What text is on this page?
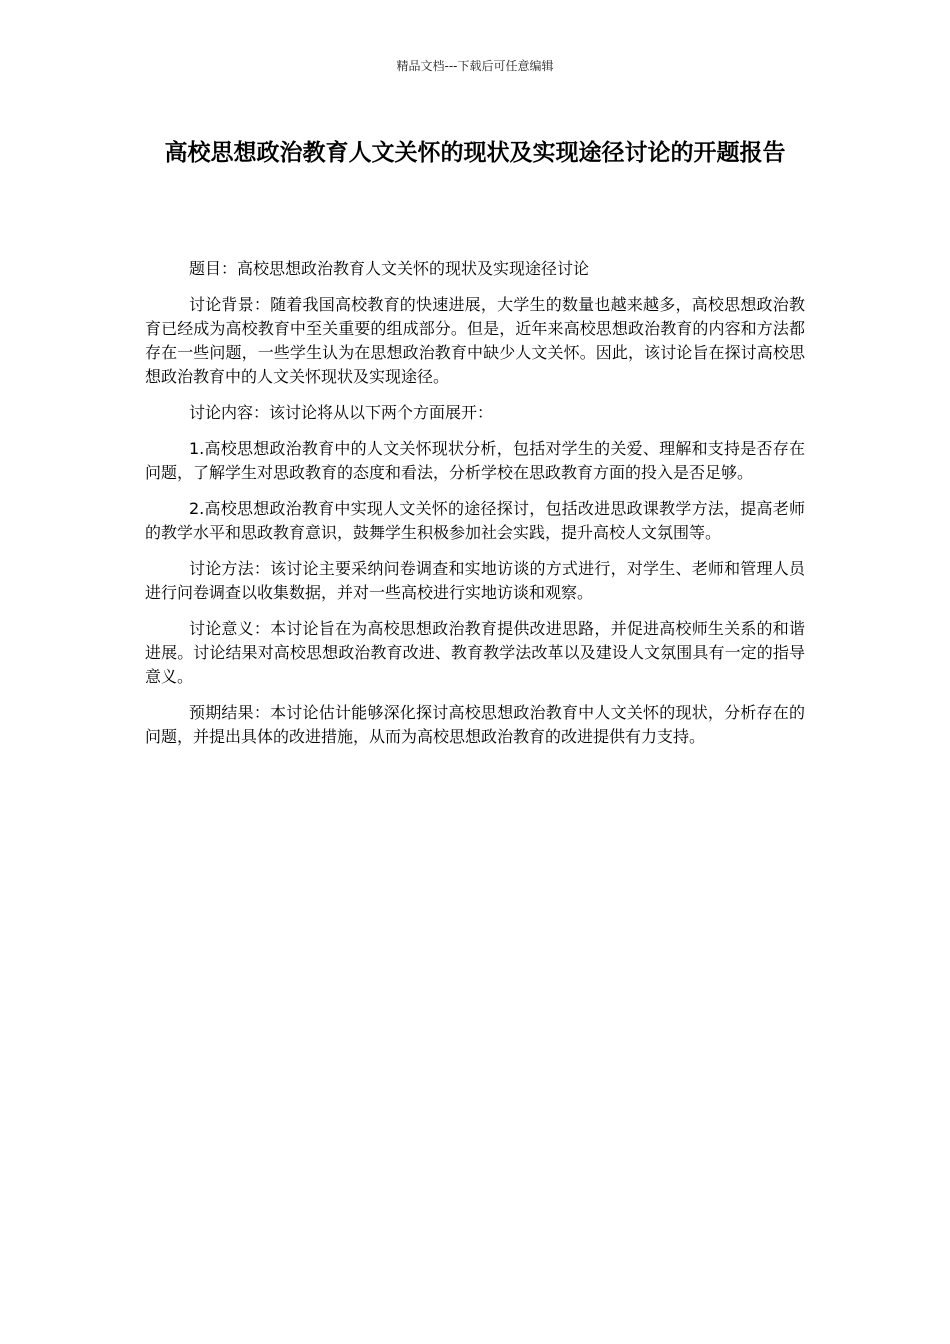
精品文档---下载后可任意编辑
高校思想政治教育人文关怀的现状及实现途径讨论的开题报告

题目：高校思想政治教育人文关怀的现状及实现途径讨论

讨论背景：随着我国高校教育的快速进展，大学生的数量也越来越多，高校思想政治教育已经成为高校教育中至关重要的组成部分。但是，近年来高校思想政治教育的内容和方法都存在一些问题，一些学生认为在思想政治教育中缺少人文关怀。因此，该讨论旨在探讨高校思想政治教育中的人文关怀现状及实现途径。

讨论内容：该讨论将从以下两个方面展开：

1.高校思想政治教育中的人文关怀现状分析，包括对学生的关爱、理解和支持是否存在问题，了解学生对思政教育的态度和看法，分析学校在思政教育方面的投入是否足够。

2.高校思想政治教育中实现人文关怀的途径探讨，包括改进思政课教学方法，提高老师的教学水平和思政教育意识，鼓舞学生积极参加社会实践，提升高校人文氛围等。

讨论方法：该讨论主要采纳问卷调查和实地访谈的方式进行，对学生、老师和管理人员进行问卷调查以收集数据，并对一些高校进行实地访谈和观察。

讨论意义：本讨论旨在为高校思想政治教育提供改进思路，并促进高校师生关系的和谐进展。讨论结果对高校思想政治教育改进、教育教学法改革以及建设人文氛围具有一定的指导意义。

预期结果：本讨论估计能够深化探讨高校思想政治教育中人文关怀的现状，分析存在的问题，并提出具体的改进措施，从而为高校思想政治教育的改进提供有力支持。
